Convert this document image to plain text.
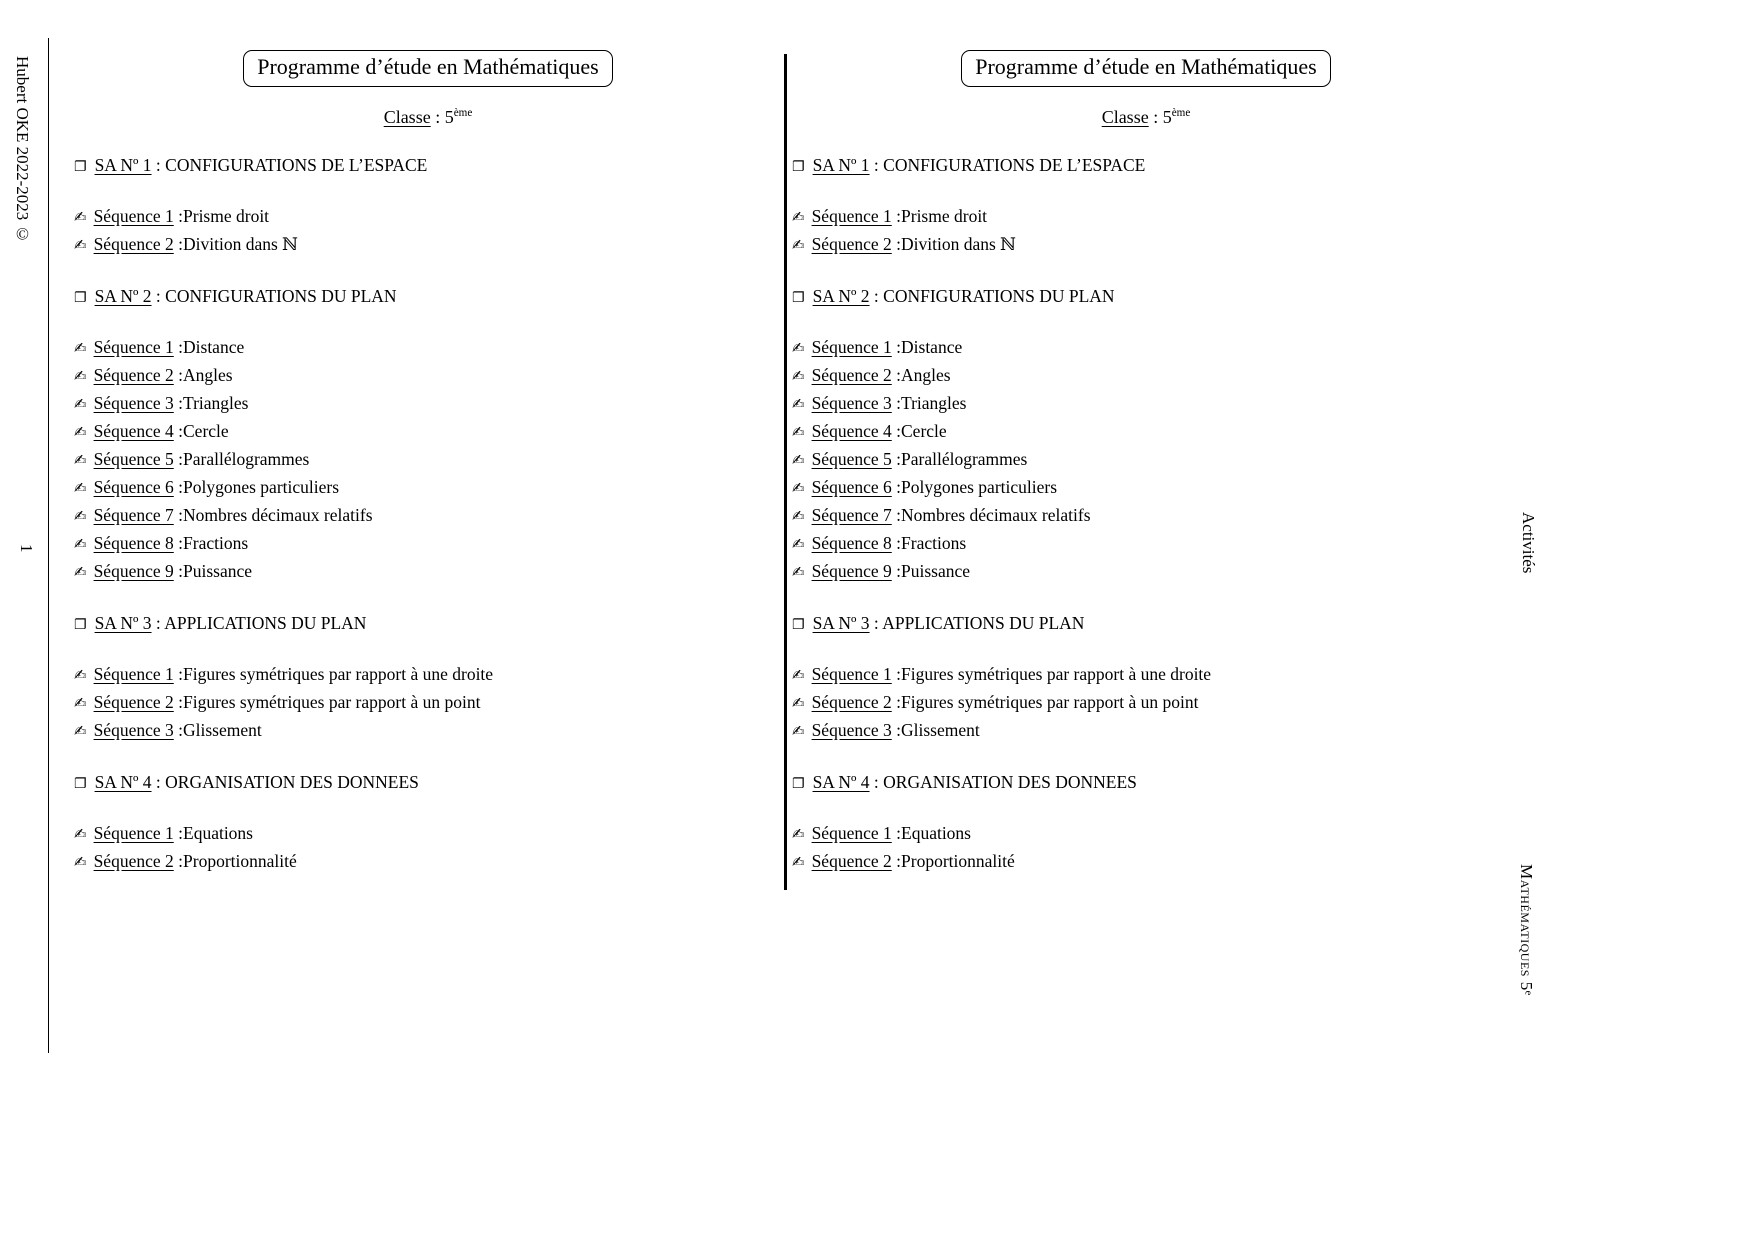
Hubert OKE 2022-2023 ©
1	Activités
Mathématiques 5ᵉ
Programme d’étude en Mathématiques
Classe : 5ème
❐ SA Nº 1 : CONFIGURATIONS DE L’ESPACE
✍ Séquence 1 :Prisme droit
✍ Séquence 2 :Divition dans ℕ
❐ SA Nº 2 : CONFIGURATIONS DU PLAN
✍ Séquence 1 :Distance
✍ Séquence 2 :Angles
✍ Séquence 3 :Triangles
✍ Séquence 4 :Cercle
✍ Séquence 5 :Parallélogrammes
✍ Séquence 6 :Polygones particuliers
✍ Séquence 7 :Nombres décimaux relatifs
✍ Séquence 8 :Fractions
✍ Séquence 9 :Puissance
❐ SA Nº 3 : APPLICATIONS DU PLAN
✍ Séquence 1 :Figures symétriques par rapport à une droite
✍ Séquence 2 :Figures symétriques par rapport à un point
✍ Séquence 3 :Glissement
❐ SA Nº 4 : ORGANISATION DES DONNEES
✍ Séquence 1 :Equations
✍ Séquence 2 :Proportionnalité
Programme d’étude en Mathématiques
Classe : 5ème
❐ SA Nº 1 : CONFIGURATIONS DE L’ESPACE
✍ Séquence 1 :Prisme droit
✍ Séquence 2 :Divition dans ℕ
❐ SA Nº 2 : CONFIGURATIONS DU PLAN
✍ Séquence 1 :Distance
✍ Séquence 2 :Angles
✍ Séquence 3 :Triangles
✍ Séquence 4 :Cercle
✍ Séquence 5 :Parallélogrammes
✍ Séquence 6 :Polygones particuliers
✍ Séquence 7 :Nombres décimaux relatifs
✍ Séquence 8 :Fractions
✍ Séquence 9 :Puissance
❐ SA Nº 3 : APPLICATIONS DU PLAN
✍ Séquence 1 :Figures symétriques par rapport à une droite
✍ Séquence 2 :Figures symétriques par rapport à un point
✍ Séquence 3 :Glissement
❐ SA Nº 4 : ORGANISATION DES DONNEES
✍ Séquence 1 :Equations
✍ Séquence 2 :Proportionnalité
